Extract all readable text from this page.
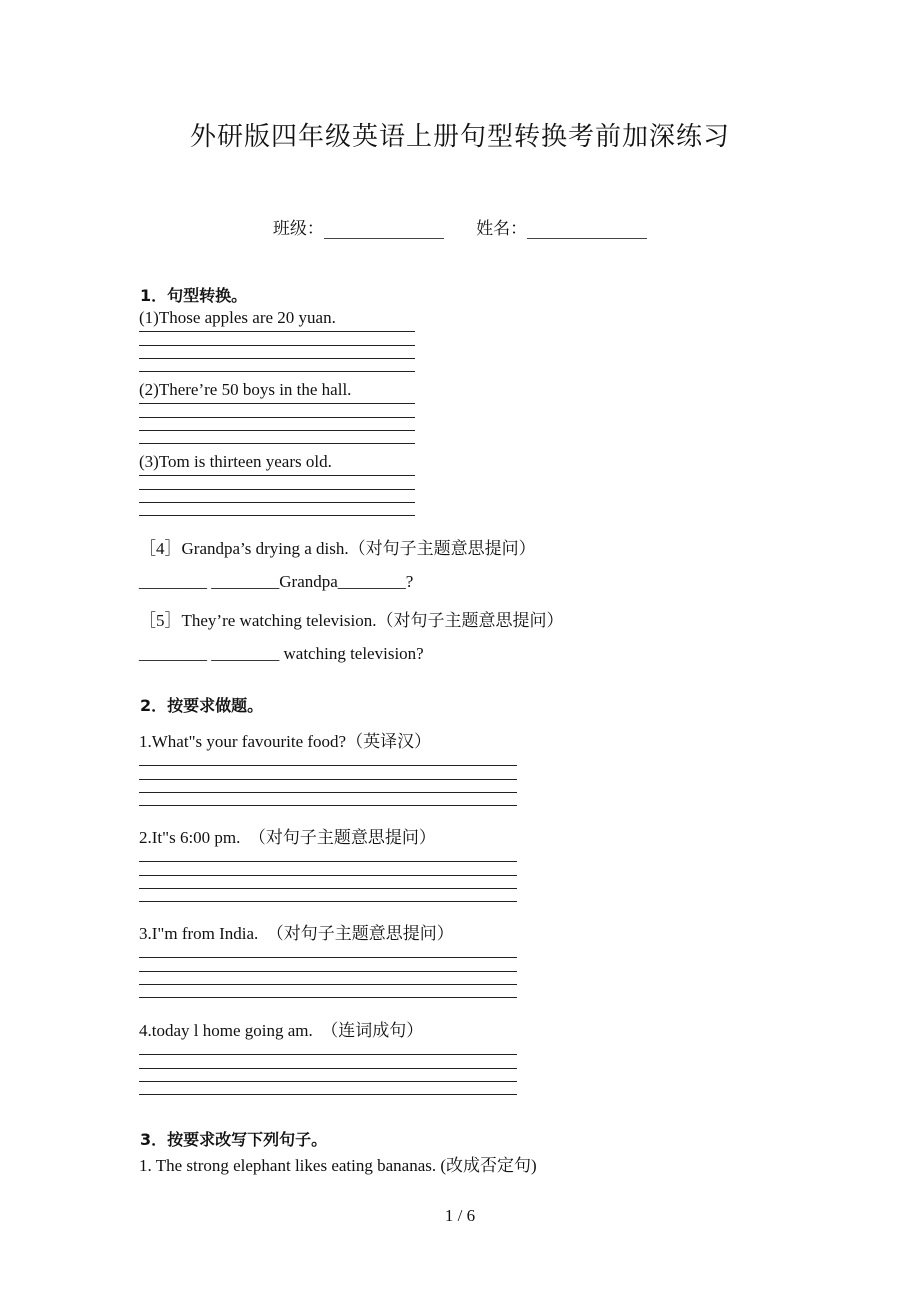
外研版四年级英语上册句型转换考前加深练习
班级：	姓名：
1．句型转换。
(1)Those apples are 20 yuan.
(2)There’re 50 boys in the hall.
(3)Tom is thirteen years old.
［4］Grandpa’s drying a dish.（对句子主题意思提问）
________ ________Grandpa________?
［5］They’re watching television.（对句子主题意思提问）
________ ________ watching television?
2．按要求做题。
1.What"s your favourite food?（英译汉）
2.It"s 6:00 pm.　（对句子主题意思提问）
3.I"m from India.　（对句子主题意思提问）
4.today l home going am.　（连词成句）
3．按要求改写下列句子。
1. The strong elephant likes eating bananas. (改成否定句)
1 / 6
